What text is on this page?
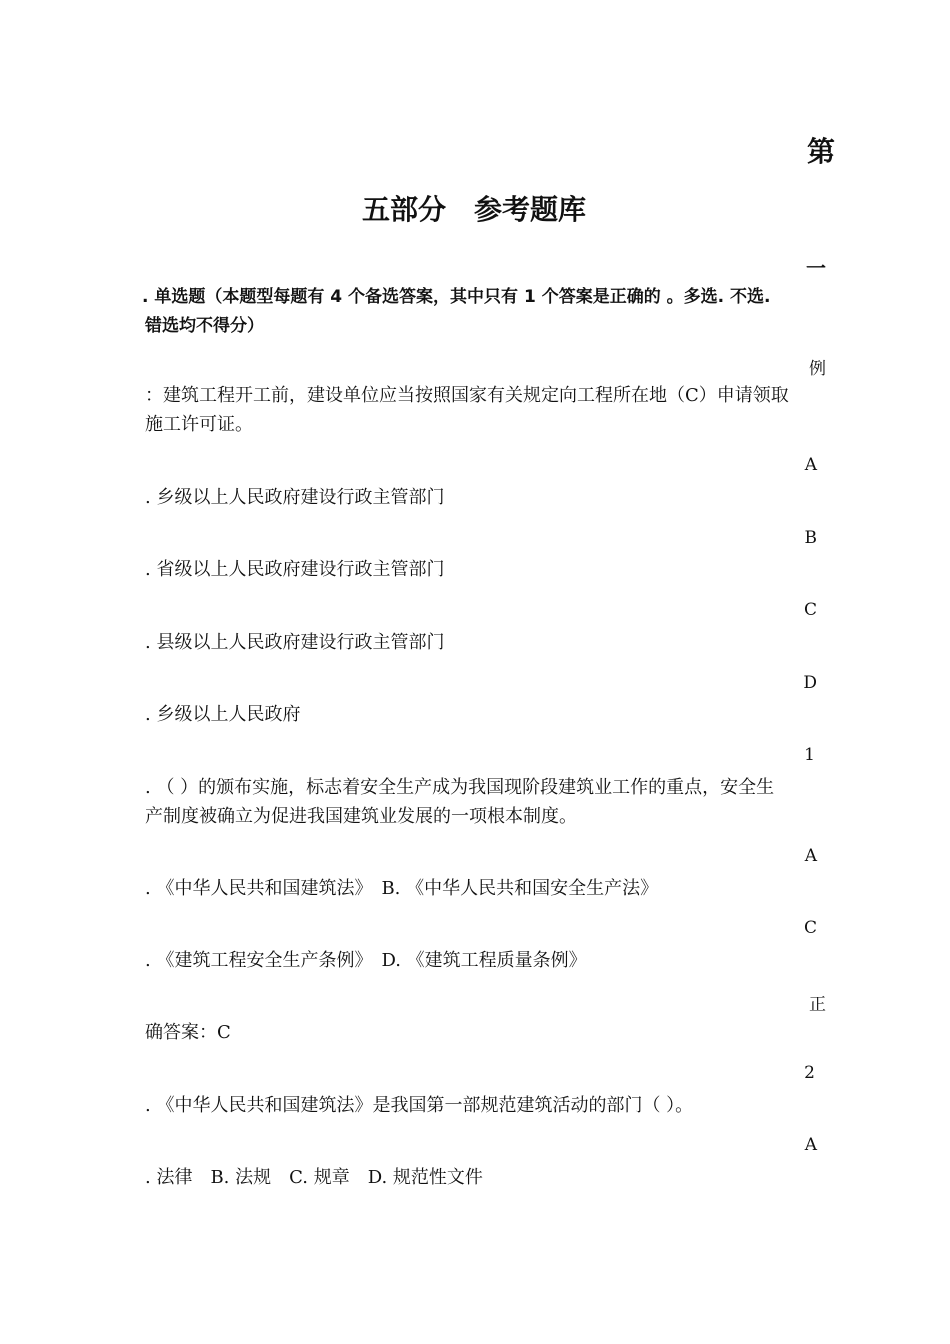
第
五部分　参考题库
一
. 单选题（本题型每题有 4 个备选答案，其中只有 1 个答案是正确的 。多选. 不选.
错选均不得分）
例
：建筑工程开工前，建设单位应当按照国家有关规定向工程所在地（C）申请领取
施工许可证。
A
. 乡级以上人民政府建设行政主管部门
B
. 省级以上人民政府建设行政主管部门
C
. 县级以上人民政府建设行政主管部门
D
. 乡级以上人民政府
1
. （ ）的颁布实施，标志着安全生产成为我国现阶段建筑业工作的重点，安全生
产制度被确立为促进我国建筑业发展的一项根本制度。
A
. 《中华人民共和国建筑法》　B. 《中华人民共和国安全生产法》
C
. 《建筑工程安全生产条例》　D. 《建筑工程质量条例》
正
确答案：C
2
. 《中华人民共和国建筑法》是我国第一部规范建筑活动的部门（ ）。
A
. 法律　B. 法规　C. 规章　D. 规范性文件
